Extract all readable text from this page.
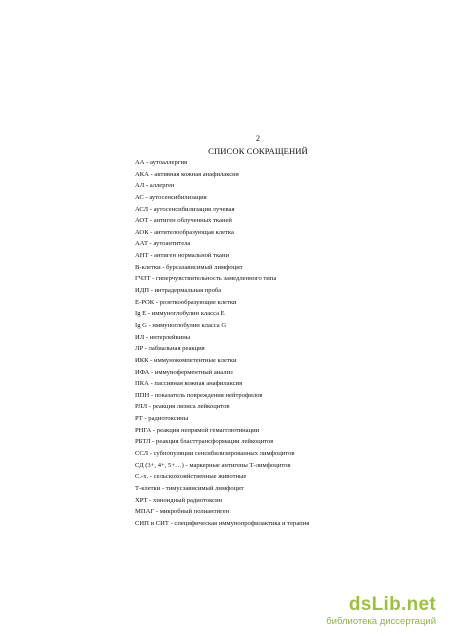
2
СПИСОК СОКРАЩЕНИЙ
АА - аутоаллергия
АКА - активная кожная анафилаксия
АЛ - аллерген
АС - аутосенсибилизация
АСЛ - аутосенсибилизация лучевая
АОТ - антиген облученных тканей
АОК - антителообразующая клетка
ААТ - аутоантитела
АНТ - антиген нормальной ткани
В-клетки - бурсазависимый лимфоцит
ГЧЗТ - гиперчувствительность замедленного типа
ИДП - интрадермальная проба
Е-РОК - розеткообразующие клетки
Ig Е - иммуноглобулин класса Е
Ig G - иммуноглобулин класса G
ИЛ - интерлейкины
ЛР - лабиальная реакция
ИКК - иммунокомпетентные клетки
ИФА - иммуноферментный анализ
ПКА - пассивная кожная анафилаксия
ППН - показатель повреждения нейтрофилов
РЛЛ - реакция лизиса лейкоцитов
РТ - радиотоксины
РНГА - реакция непрямой гемагглютинации
РБТЛ - реакция бласттрансформации лейкоцитов
ССЛ - субпопуляции сенсибилизированных лимфоцитов
СД (3+, 4+, 5+…) - маркерные антигены Т-лимфоцитов
С.-х. - сельскохозяйственные животные
Т-клетки - тимусзависимый лимфоцит
ХРТ - хиноидный радиотоксин
МПАГ - микробный полиантиген
СИП и СИТ - специфическая иммунопрофилактика и терапия
dsLib.net
библиотека диссертаций
